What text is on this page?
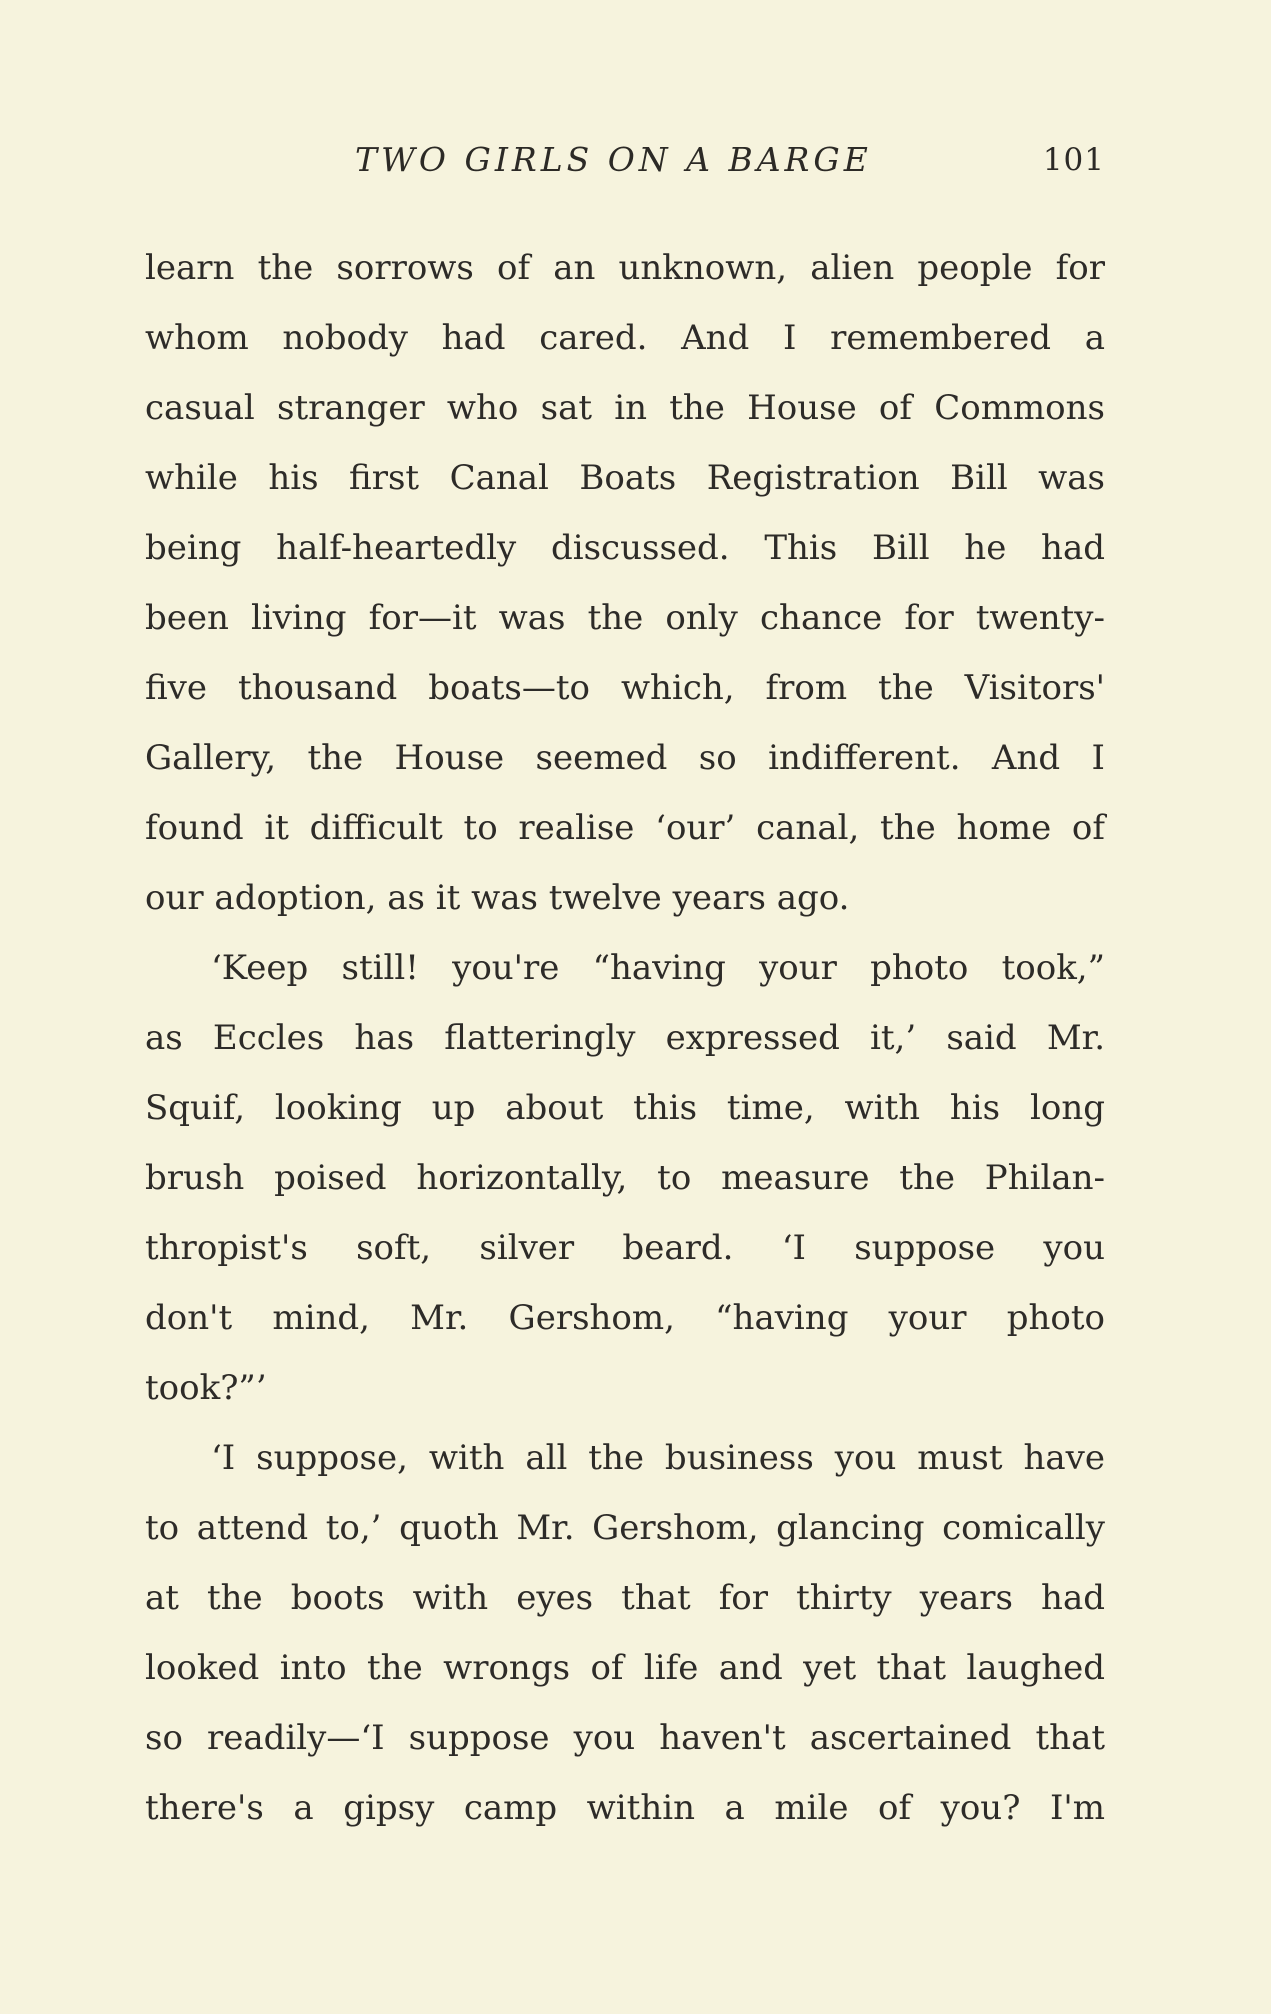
TWO GIRLS ON A BARGE	101
learn the sorrows of an unknown, alien people for
whom nobody had cared. And I remembered a
casual stranger who sat in the House of Commons
while his first Canal Boats Registration Bill was
being half-heartedly discussed. This Bill he had
been living for—it was the only chance for twenty-
five thousand boats—to which, from the Visitors'
Gallery, the House seemed so indifferent. And I
found it difficult to realise ‘our’ canal, the home of
our adoption, as it was twelve years ago.
‘Keep still! you're “having your photo took,”
as Eccles has flatteringly expressed it,’ said Mr.
Squif, looking up about this time, with his long
brush poised horizontally, to measure the Philan-
thropist's soft, silver beard. ‘I suppose you
don't mind, Mr. Gershom, “having your photo
took?”’
‘I suppose, with all the business you must have
to attend to,’ quoth Mr. Gershom, glancing comically
at the boots with eyes that for thirty years had
looked into the wrongs of life and yet that laughed
so readily—‘I suppose you haven't ascertained that
there's a gipsy camp within a mile of you? I'm
